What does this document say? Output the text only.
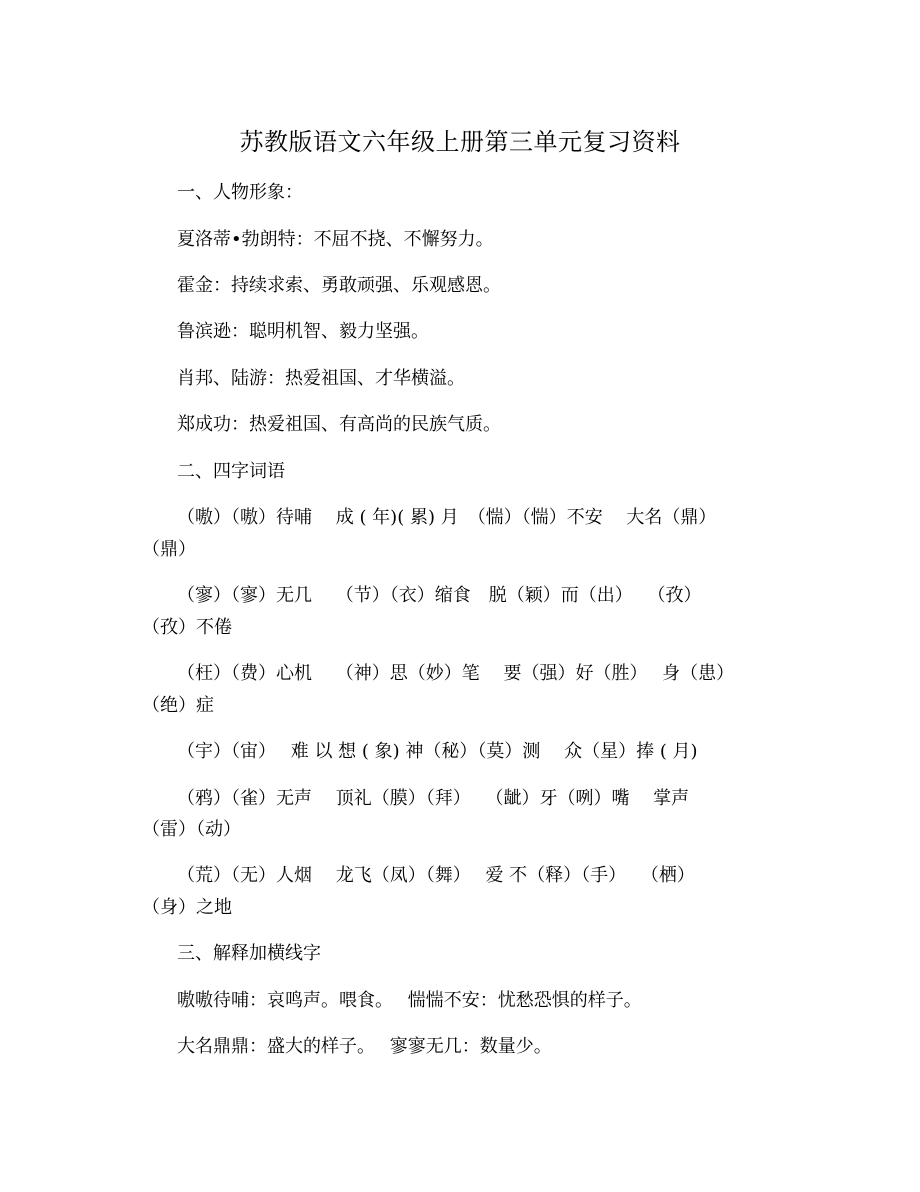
苏教版语文六年级上册第三单元复习资料
一、人物形象：
夏洛蒂•勃朗特：不屈不挠、不懈努力。
霍金：持续求索、勇敢顽强、乐观感恩。
鲁滨逊：聪明机智、毅力坚强。
肖邦、陆游：热爱祖国、才华横溢。
郑成功：热爱祖国、有高尚的民族气质。
二、四字词语
（嗷）（嗷）待哺　 成 ( 年)( 累) 月　（惴）（惴）不安　 大名（鼎）
（鼎）
（寥）（寥）无几　 （节）（衣）缩食　脱（颖）而（出）　 （孜）
（孜）不倦
（枉）（费）心机　 （神）思（妙）笔　 要（强）好（胜）　 身（患）
（绝）症
（宇）（宙）　 难 以 想 ( 象) 神（秘）（莫）测　 众（星）捧 ( 月)
（鸦）（雀）无声　 顶礼（膜）（拜）　 （龇）牙（咧）嘴　 掌声
（雷）（动）
（荒）（无）人烟　 龙飞（凤）（舞）　 爱 不（释）（手）　 （栖）
（身）之地
三、解释加横线字
嗷嗷待哺：哀鸣声。喂食。　 惴惴不安：忧愁恐惧的样子。
大名鼎鼎：盛大的样子。　 寥寥无几：数量少。
